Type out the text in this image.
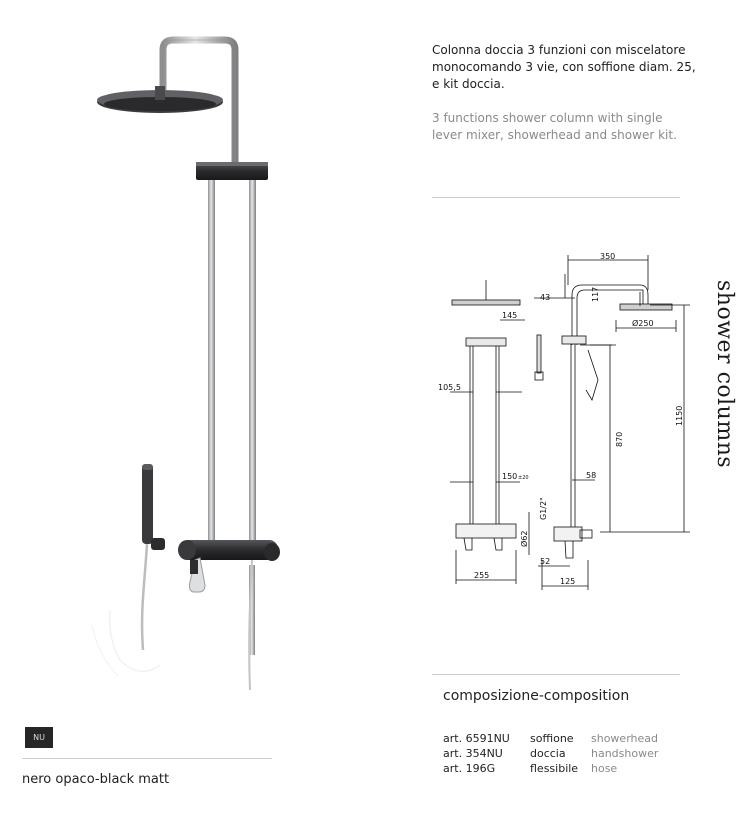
Colonna doccia 3 funzioni con miscelatore
monocomando 3 vie, con soffione diam. 25,
e kit doccia.
3 functions shower column with single
lever mixer, showerhead and shower kit.
shower columns
350
43	117
145
Ø250
105,5
870
1150
150 ±20	58
G1/2"
Ø62
52
255
125
composizione-composition
art. 6591NU	soffione	showerhead
art. 354NU	doccia	handshower
art. 196G	flessibile	hose
NU
nero opaco-black matt
